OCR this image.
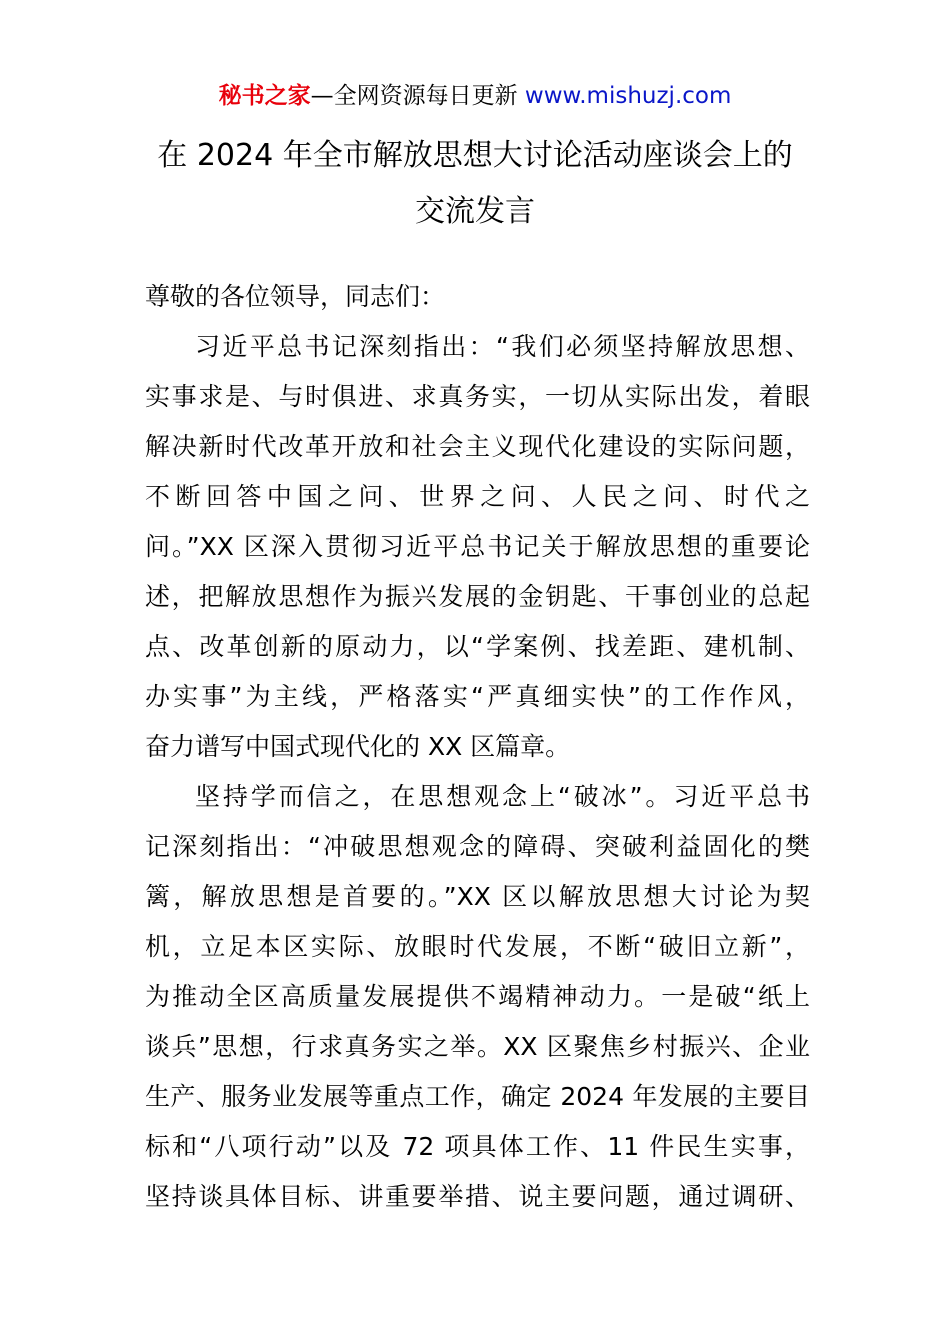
秘书之家—全网资源每日更新 www.mishuzj.com
在 2024 年全市解放思想大讨论活动座谈会上的
交流发言
尊敬的各位领导，同志们：
习近平总书记深刻指出：“我们必须坚持解放思想、
实事求是、与时俱进、求真务实，一切从实际出发，着眼
解决新时代改革开放和社会主义现代化建设的实际问题，
不断回答中国之问、世界之问、人民之问、时代之
问。”XX 区深入贯彻习近平总书记关于解放思想的重要论
述，把解放思想作为振兴发展的金钥匙、干事创业的总起
点、改革创新的原动力，以“学案例、找差距、建机制、
办实事”为主线，严格落实“严真细实快”的工作作风，
奋力谱写中国式现代化的 XX 区篇章。
坚持学而信之，在思想观念上“破冰”。习近平总书
记深刻指出：“冲破思想观念的障碍、突破利益固化的樊
篱，解放思想是首要的。”XX 区以解放思想大讨论为契
机，立足本区实际、放眼时代发展，不断“破旧立新”，
为推动全区高质量发展提供不竭精神动力。一是破“纸上
谈兵”思想，行求真务实之举。XX 区聚焦乡村振兴、企业
生产、服务业发展等重点工作，确定 2024 年发展的主要目
标和“八项行动”以及 72 项具体工作、11 件民生实事，
坚持谈具体目标、讲重要举措、说主要问题，通过调研、
